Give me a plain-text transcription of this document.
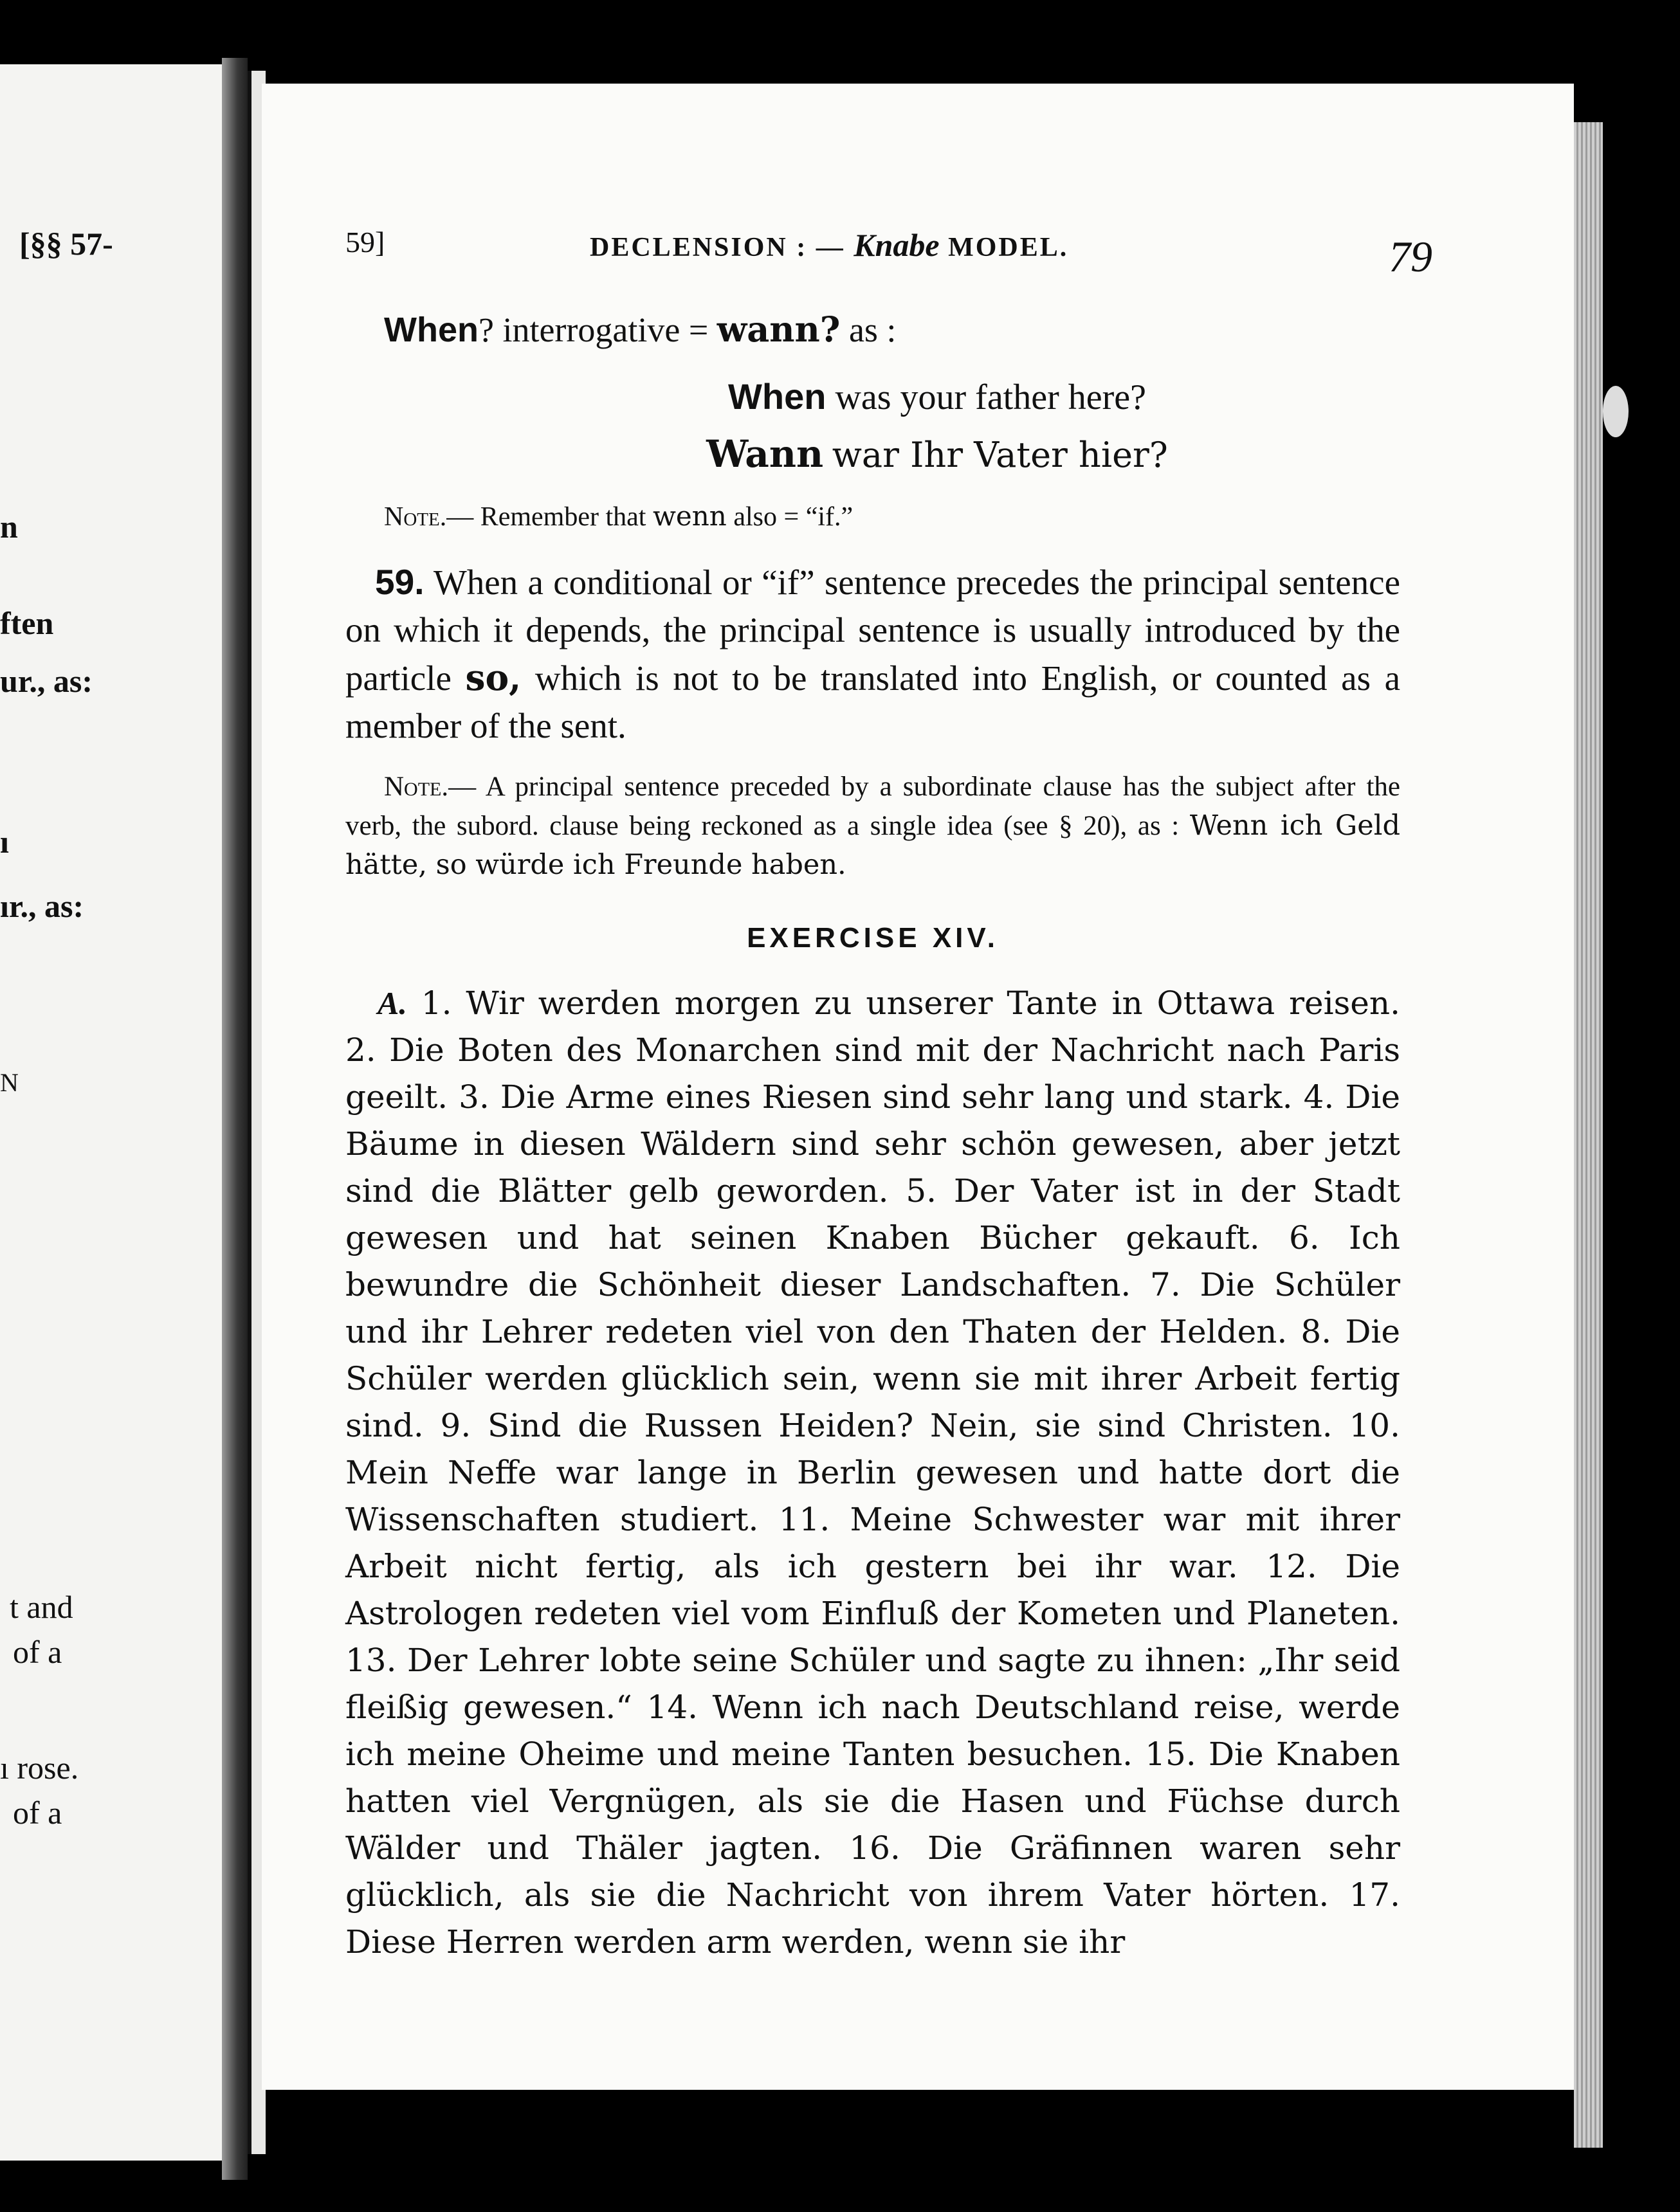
[§§ 57-
n
ften
ur., as:
ı
ır., as:
N
t and
of a
ı rose.
of a
59]	DECLENSION : — Knabe MODEL.	79
When? interrogative = wann? as :
When was your father here?
Wann war Ihr Vater hier?
Note.— Remember that wenn also = “if.”
59. When a conditional or “if” sentence precedes the principal sentence on which it depends, the principal sentence is usually introduced by the particle so, which is not to be translated into English, or counted as a member of the sent.
Note.— A principal sentence preceded by a subordinate clause has the subject after the verb, the subord. clause being reckoned as a single idea (see § 20), as : Wenn ich Geld hätte, so würde ich Freunde haben.
EXERCISE XIV.
A. 1. Wir werden morgen zu unserer Tante in Ottawa reisen. 2. Die Boten des Monarchen sind mit der Nachricht nach Paris geeilt. 3. Die Arme eines Riesen sind sehr lang und stark. 4. Die Bäume in diesen Wäldern sind sehr schön gewesen, aber jetzt sind die Blätter gelb geworden. 5. Der Vater ist in der Stadt gewesen und hat seinen Knaben Bücher gekauft. 6. Ich bewundre die Schönheit dieser Landschaften. 7. Die Schüler und ihr Lehrer redeten viel von den Thaten der Helden. 8. Die Schüler werden glücklich sein, wenn sie mit ihrer Arbeit fertig sind. 9. Sind die Russen Heiden? Nein, sie sind Christen. 10. Mein Neffe war lange in Berlin gewesen und hatte dort die Wissenschaften studiert. 11. Meine Schwester war mit ihrer Arbeit nicht fertig, als ich gestern bei ihr war. 12. Die Astrologen redeten viel vom Einfluß der Kometen und Planeten. 13. Der Lehrer lobte seine Schüler und sagte zu ihnen: „Ihr seid fleißig gewesen.“ 14. Wenn ich nach Deutschland reise, werde ich meine Oheime und meine Tanten besuchen. 15. Die Knaben hatten viel Vergnügen, als sie die Hasen und Füchse durch Wälder und Thäler jagten. 16. Die Gräfinnen waren sehr glücklich, als sie die Nachricht von ihrem Vater hörten. 17. Diese Herren werden arm werden, wenn sie ihr
